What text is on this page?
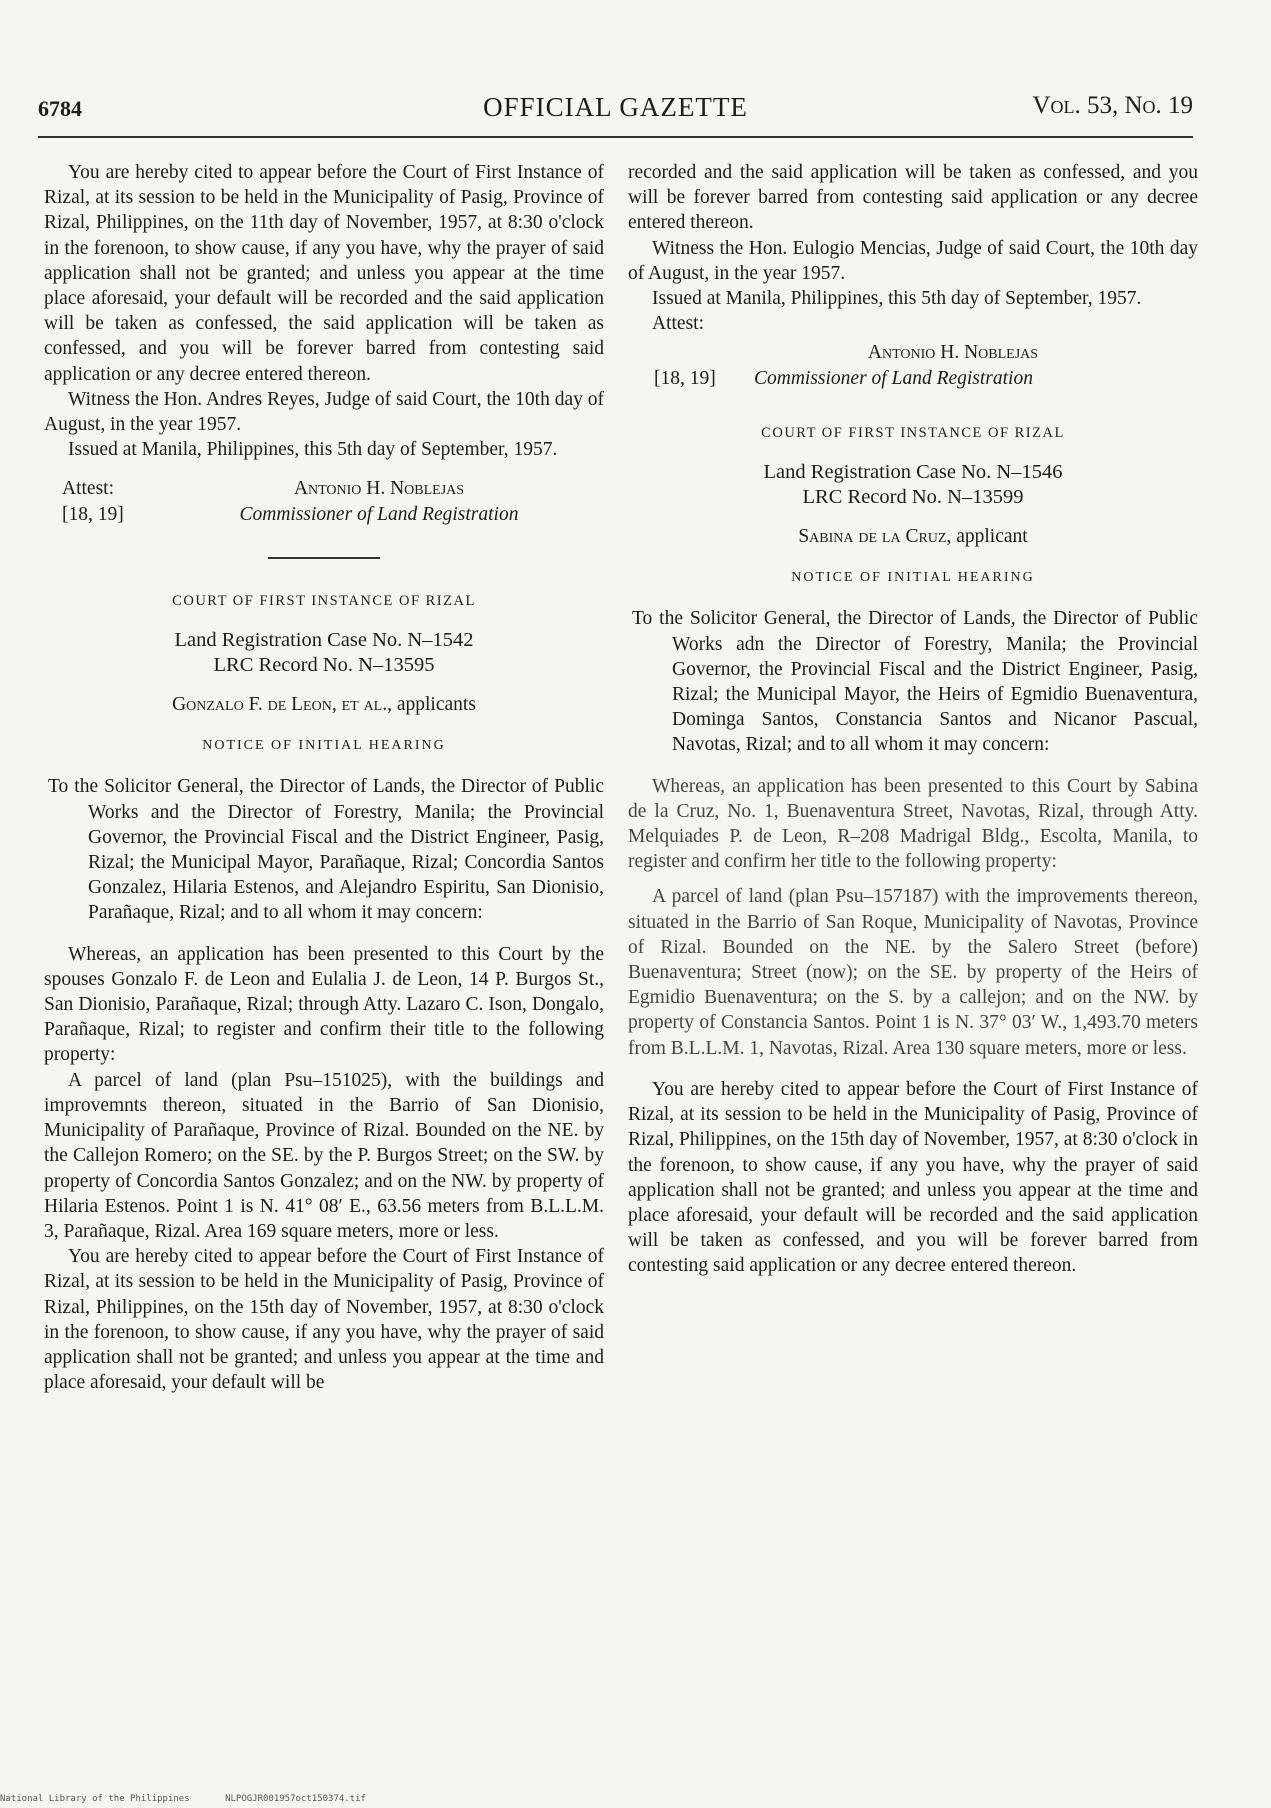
6784	OFFICIAL GAZETTE	Vol. 53, No. 19

You are hereby cited to appear before the Court of First Instance of Rizal, at its session to be held in the Municipality of Pasig, Province of Rizal, Philippines, on the 11th day of November, 1957, at 8:30 o'clock in the forenoon, to show cause, if any you have, why the prayer of said application shall not be granted; and unless you appear at the time place aforesaid, your default will be recorded and the said application will be taken as confessed, the said application will be taken as confessed, and you will be forever barred from contesting said application or any decree entered thereon.

Witness the Hon. Andres Reyes, Judge of said Court, the 10th day of August, in the year 1957.

Issued at Manila, Philippines, this 5th day of September, 1957.

Attest:
[18, 19]
Antonio H. Noblejas
Commissioner of Land Registration
COURT OF FIRST INSTANCE OF RIZAL
Land Registration Case No. N–1542
LRC Record No. N–13595
Gonzalo F. de Leon, et al., applicants
NOTICE OF INITIAL HEARING

To the Solicitor General, the Director of Lands, the Director of Public Works and the Director of Forestry, Manila; the Provincial Governor, the Provincial Fiscal and the District Engineer, Pasig, Rizal; the Municipal Mayor, Parañaque, Rizal; Concordia Santos Gonzalez, Hilaria Estenos, and Alejandro Espiritu, San Dionisio, Parañaque, Rizal; and to all whom it may concern:

Whereas, an application has been presented to this Court by the spouses Gonzalo F. de Leon and Eulalia J. de Leon, 14 P. Burgos St., San Dionisio, Parañaque, Rizal; through Atty. Lazaro C. Ison, Dongalo, Parañaque, Rizal; to register and confirm their title to the following property:

A parcel of land (plan Psu–151025), with the buildings and improvemnts thereon, situated in the Barrio of San Dionisio, Municipality of Parañaque, Province of Rizal. Bounded on the NE. by the Callejon Romero; on the SE. by the P. Burgos Street; on the SW. by property of Concordia Santos Gonzalez; and on the NW. by property of Hilaria Estenos. Point 1 is N. 41° 08′ E., 63.56 meters from B.L.L.M. 3, Parañaque, Rizal. Area 169 square meters, more or less.

You are hereby cited to appear before the Court of First Instance of Rizal, at its session to be held in the Municipality of Pasig, Province of Rizal, Philippines, on the 15th day of November, 1957, at 8:30 o'clock in the forenoon, to show cause, if any you have, why the prayer of said application shall not be granted; and unless you appear at the time and place aforesaid, your default will be

recorded and the said application will be taken as confessed, and you will be forever barred from contesting said application or any decree entered thereon.

Witness the Hon. Eulogio Mencias, Judge of said Court, the 10th day of August, in the year 1957.

Issued at Manila, Philippines, this 5th day of September, 1957.

Attest:
Antonio H. Noblejas
[18, 19]	Commissioner of Land Registration
COURT OF FIRST INSTANCE OF RIZAL
Land Registration Case No. N–1546
LRC Record No. N–13599
Sabina de la Cruz, applicant
NOTICE OF INITIAL HEARING

To the Solicitor General, the Director of Lands, the Director of Public Works adn the Director of Forestry, Manila; the Provincial Governor, the Provincial Fiscal and the District Engineer, Pasig, Rizal; the Municipal Mayor, the Heirs of Egmidio Buenaventura, Dominga Santos, Constancia Santos and Nicanor Pascual, Navotas, Rizal; and to all whom it may concern:

Whereas, an application has been presented to this Court by Sabina de la Cruz, No. 1, Buenaventura Street, Navotas, Rizal, through Atty. Melquiades P. de Leon, R–208 Madrigal Bldg., Escolta, Manila, to register and confirm her title to the following property:

A parcel of land (plan Psu–157187) with the improvements thereon, situated in the Barrio of San Roque, Municipality of Navotas, Province of Rizal. Bounded on the NE. by the Salero Street (before) Buenaventura; Street (now); on the SE. by property of the Heirs of Egmidio Buenaventura; on the S. by a callejon; and on the NW. by property of Constancia Santos. Point 1 is N. 37° 03′ W., 1,493.70 meters from B.L.L.M. 1, Navotas, Rizal. Area 130 square meters, more or less.

You are hereby cited to appear before the Court of First Instance of Rizal, at its session to be held in the Municipality of Pasig, Province of Rizal, Philippines, on the 15th day of November, 1957, at 8:30 o'clock in the forenoon, to show cause, if any you have, why the prayer of said application shall not be granted; and unless you appear at the time and place aforesaid, your default will be recorded and the said application will be taken as confessed, and you will be forever barred from contesting said application or any decree entered thereon.

National Library of the Philippines	NLPOGJR001957oct150374.tif
